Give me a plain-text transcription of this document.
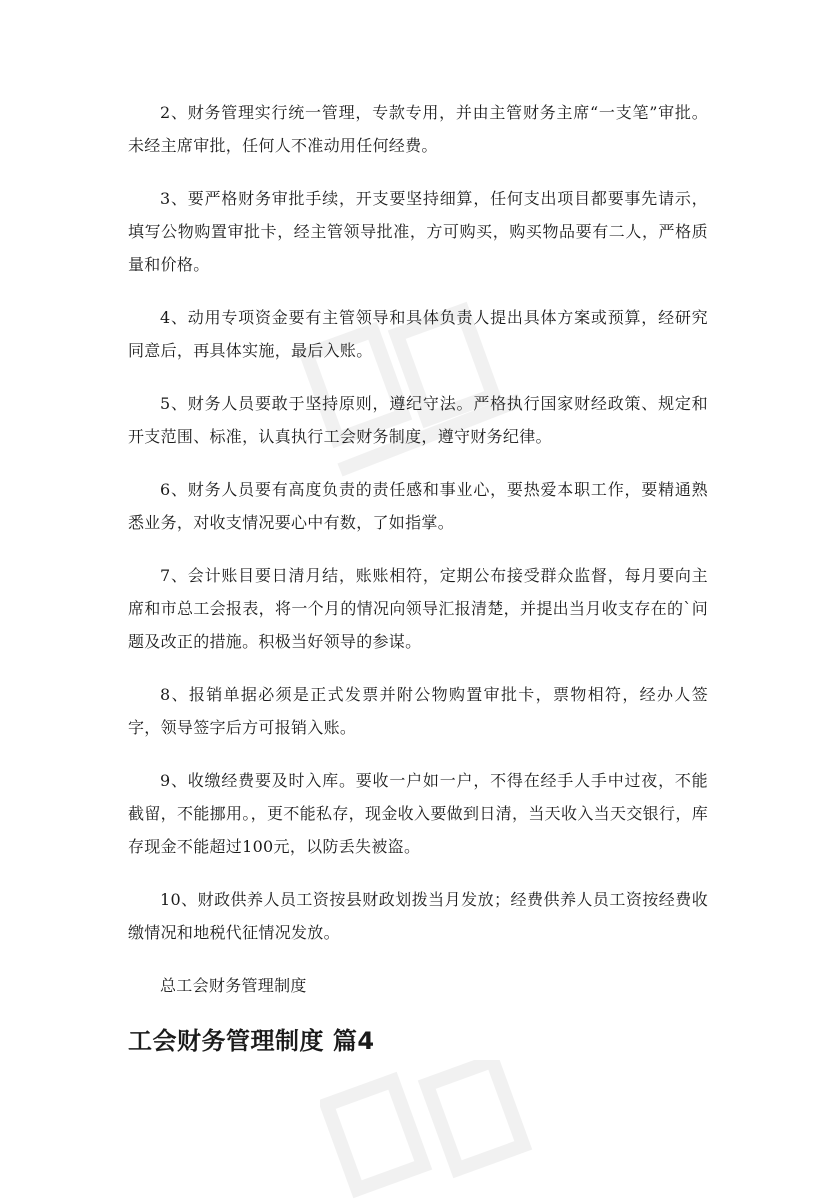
2、财务管理实行统一管理，专款专用，并由主管财务主席“一支笔”审批。未经主席审批，任何人不准动用任何经费。

3、要严格财务审批手续，开支要坚持细算，任何支出项目都要事先请示，填写公物购置审批卡，经主管领导批准，方可购买，购买物品要有二人，严格质量和价格。

4、动用专项资金要有主管领导和具体负责人提出具体方案或预算，经研究同意后，再具体实施，最后入账。

5、财务人员要敢于坚持原则，遵纪守法。严格执行国家财经政策、规定和开支范围、标准，认真执行工会财务制度，遵守财务纪律。

6、财务人员要有高度负责的责任感和事业心，要热爱本职工作，要精通熟悉业务，对收支情况要心中有数，了如指掌。

7、会计账目要日清月结，账账相符，定期公布接受群众监督，每月要向主席和市总工会报表，将一个月的情况向领导汇报清楚，并提出当月收支存在的`问题及改正的措施。积极当好领导的参谋。

8、报销单据必须是正式发票并附公物购置审批卡，票物相符，经办人签字，领导签字后方可报销入账。

9、收缴经费要及时入库。要收一户如一户，不得在经手人手中过夜，不能截留，不能挪用。，更不能私存，现金收入要做到日清，当天收入当天交银行，库存现金不能超过100元，以防丢失被盗。

10、财政供养人员工资按县财政划拨当月发放；经费供养人员工资按经费收缴情况和地税代征情况发放。

总工会财务管理制度

工会财务管理制度 篇4
